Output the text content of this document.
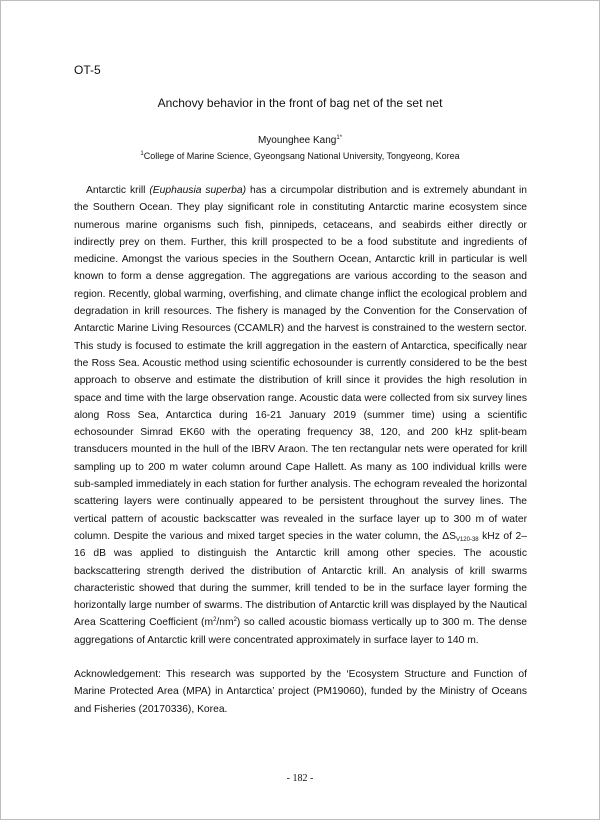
OT-5
Anchovy behavior in the front of bag net of the set net
Myounghee Kang$^{1*}$
$^1$College of Marine Science, Gyeongsang National University, Tongyeong, Korea

Antarctic krill (Euphausia superba) has a circumpolar distribution and is extremely abundant in the Southern Ocean. They play significant role in constituting Antarctic marine ecosystem since numerous marine organisms such fish, pinnipeds, cetaceans, and seabirds either directly or indirectly prey on them. Further, this krill prospected to be a food substitute and ingredients of medicine. Amongst the various species in the Southern Ocean, Antarctic krill in particular is well known to form a dense aggregation. The aggregations are various according to the season and region. Recently, global warming, overfishing, and climate change inflict the ecological problem and degradation in krill resources. The fishery is managed by the Convention for the Conservation of Antarctic Marine Living Resources (CCAMLR) and the harvest is constrained to the western sector. This study is focused to estimate the krill aggregation in the eastern of Antarctica, specifically near the Ross Sea. Acoustic method using scientific echosounder is currently considered to be the best approach to observe and estimate the distribution of krill since it provides the high resolution in space and time with the large observation range. Acoustic data were collected from six survey lines along Ross Sea, Antarctica during 16-21 January 2019 (summer time) using a scientific echosounder Simrad EK60 with the operating frequency 38, 120, and 200 kHz split-beam transducers mounted in the hull of the IBRV Araon. The ten rectangular nets were operated for krill sampling up to 200 m water column around Cape Hallett. As many as 100 individual krills were sub-sampled immediately in each station for further analysis. The echogram revealed the horizontal scattering layers were continually appeared to be persistent throughout the survey lines. The vertical pattern of acoustic backscatter was revealed in the surface layer up to 300 m of water column. Despite the various and mixed target species in the water column, the $\Delta S_{V120-38}$ kHz of 2–16 dB was applied to distinguish the Antarctic krill among other species. The acoustic backscattering strength derived the distribution of Antarctic krill. An analysis of krill swarms characteristic showed that during the summer, krill tended to be in the surface layer forming the horizontally large number of swarms. The distribution of Antarctic krill was displayed by the Nautical Area Scattering Coefficient $(m^2/nm^2)$ so called acoustic biomass vertically up to 300 m. The dense aggregations of Antarctic krill were concentrated approximately in surface layer to 140 m.

Acknowledgement: This research was supported by the ‘Ecosystem Structure and Function of Marine Protected Area (MPA) in Antarctica’ project (PM19060), funded by the Ministry of Oceans and Fisheries (20170336), Korea.

- 182 -
